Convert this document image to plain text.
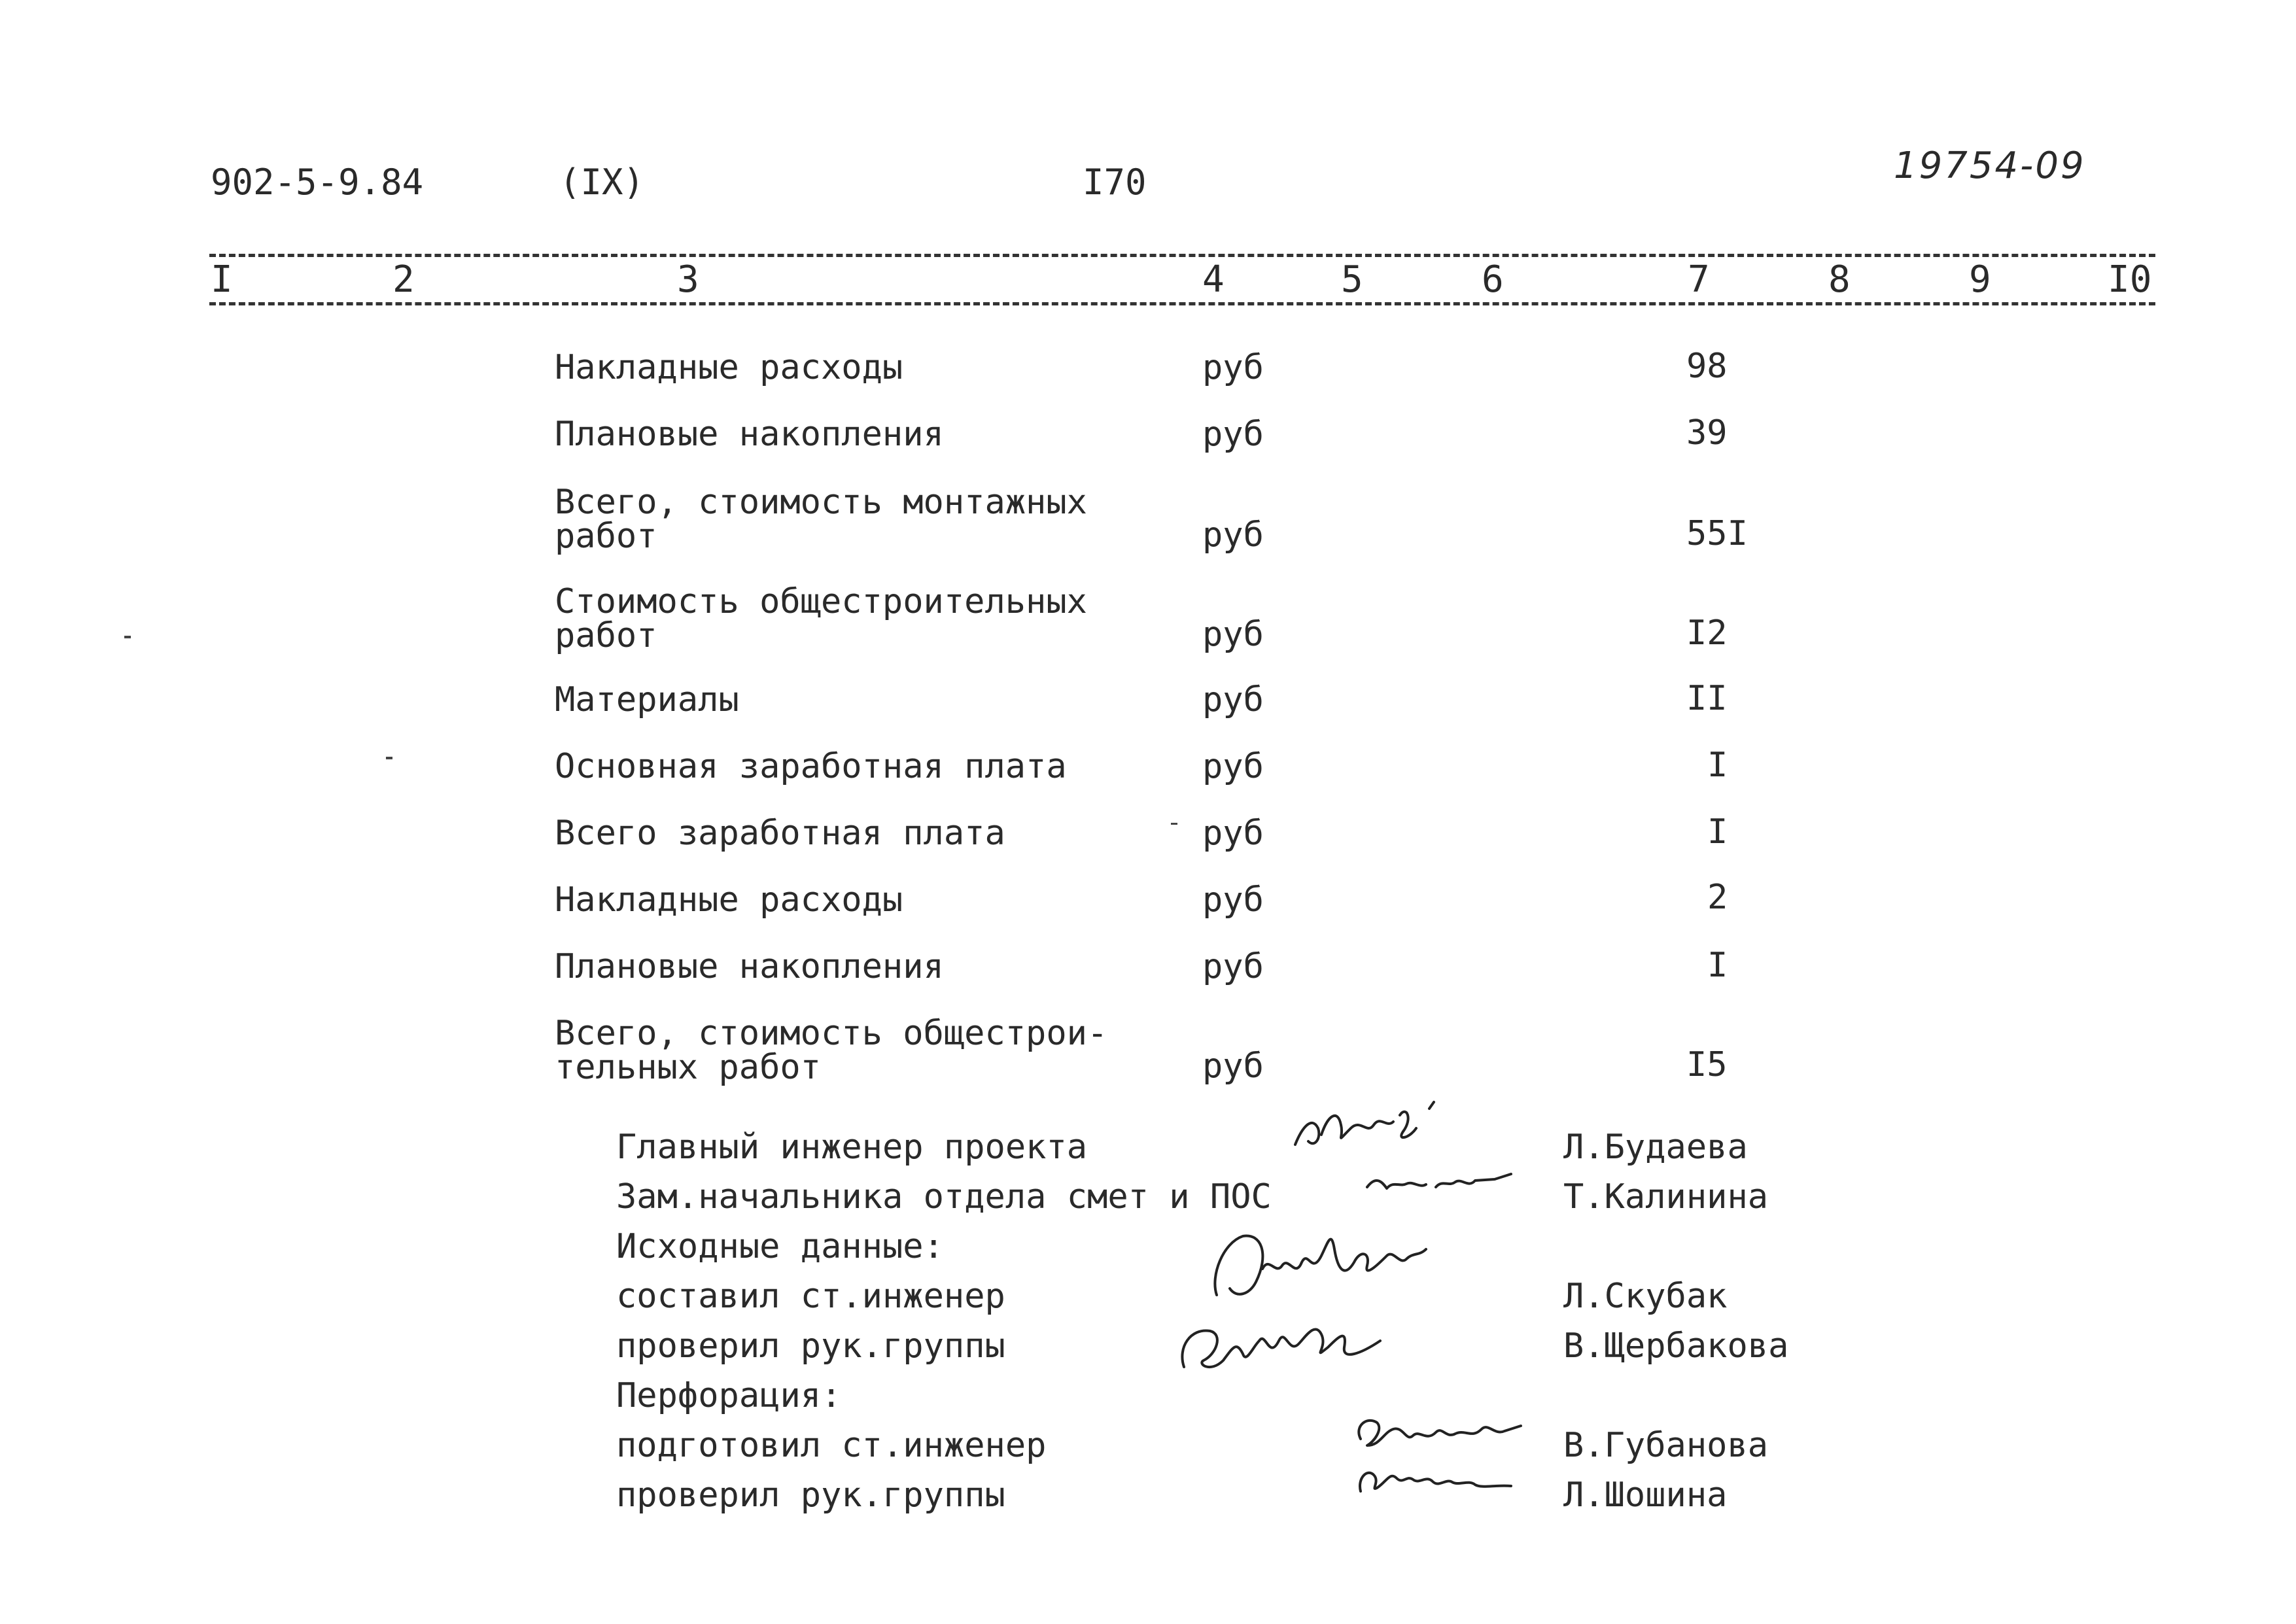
902-5-9.84	(IX)	I70	19754-09
I	2	3	4	5	6	7	8	9	I0
Накладные расходы	руб	98
Плановые накопления	руб	39
Всего, стоимость монтажных
работ	руб	55I
Стоимость общестроительных
работ	руб	I2
Материалы	руб	II
Основная заработная плата	руб	I
Всего заработная плата	руб	I
Накладные расходы	руб	2
Плановые накопления	руб	I
Всего, стоимость общестрои-
тельных работ	руб	I5
Главный инженер проекта	Л.Будаева
Зам.начальника отдела смет и ПОС	Т.Калинина
Исходные данные:
составил ст.инженер	Л.Скубак
проверил рук.группы	В.Щербакова
Перфорация:
подготовил ст.инженер	В.Губанова
проверил рук.группы	Л.Шошина
